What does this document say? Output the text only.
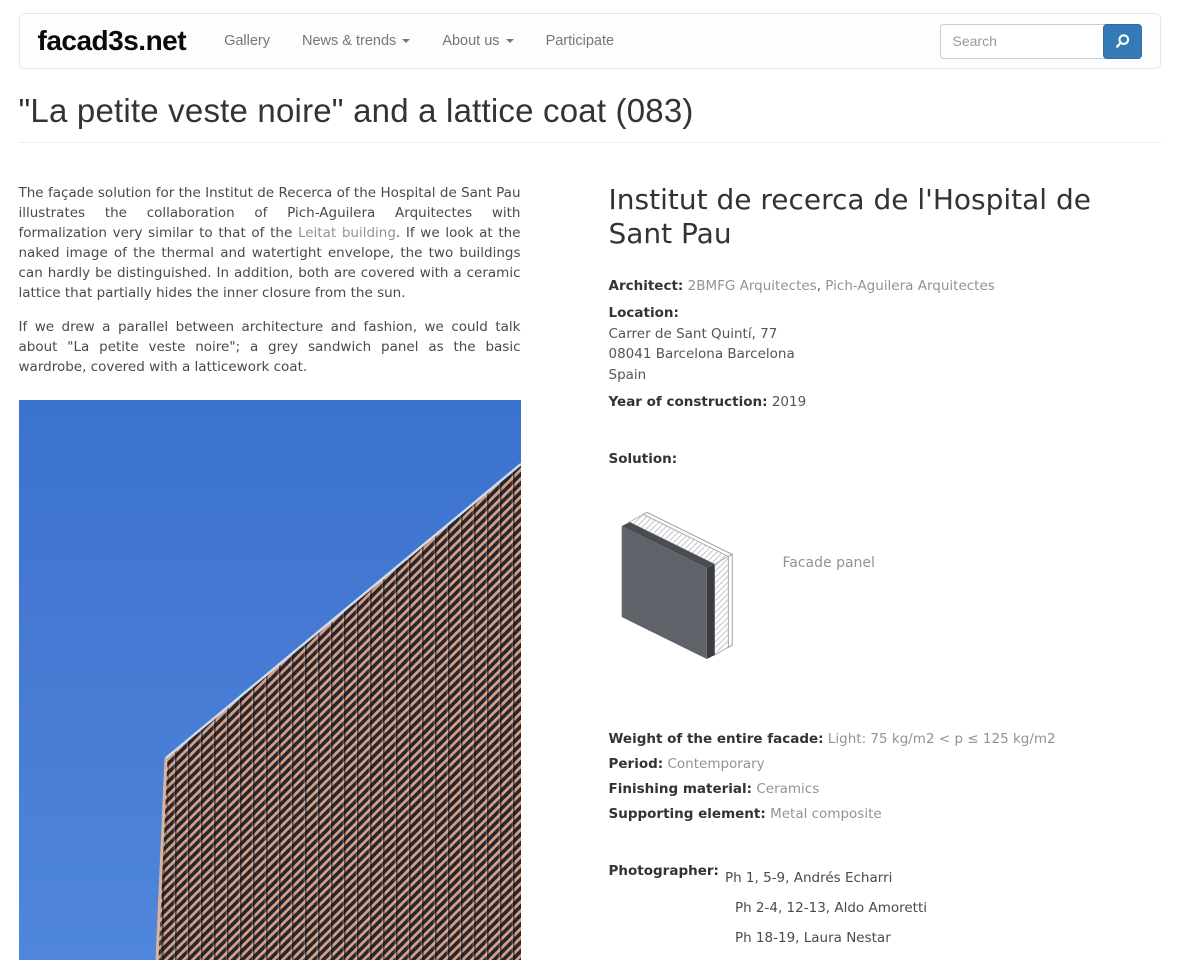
facad3s.net	Gallery News & trends	About us	Participate
Search
"La petite veste noire" and a lattice coat (083)

The façade solution for the Institut de Recerca of the Hospital de Sant Pau illustrates the collaboration of Pich-Aguilera Arquitectes with formalization very similar to that of the Leitat building. If we look at the naked image of the thermal and watertight envelope, the two buildings can hardly be distinguished. In addition, both are covered with a ceramic lattice that partially hides the inner closure from the sun.

If we drew a parallel between architecture and fashion, we could talk about "La petite veste noire"; a grey sandwich panel as the basic wardrobe, covered with a latticework coat.

Institut de recerca de l'Hospital de Sant Pau
Architect: 2BMFG Arquitectes, Pich-Aguilera Arquitectes
Location:
Carrer de Sant Quintí, 77
08041 Barcelona Barcelona
Spain
Year of construction: 2019
Solution:
Facade panel
Weight of the entire facade: Light: 75 kg/m2 < p ≤ 125 kg/m2
Period: Contemporary
Finishing material: Ceramics
Supporting element: Metal composite
Photographer: Ph 1, 5-9, Andrés Echarri
Ph 2-4, 12-13, Aldo Amoretti
Ph 18-19, Laura Nestar
